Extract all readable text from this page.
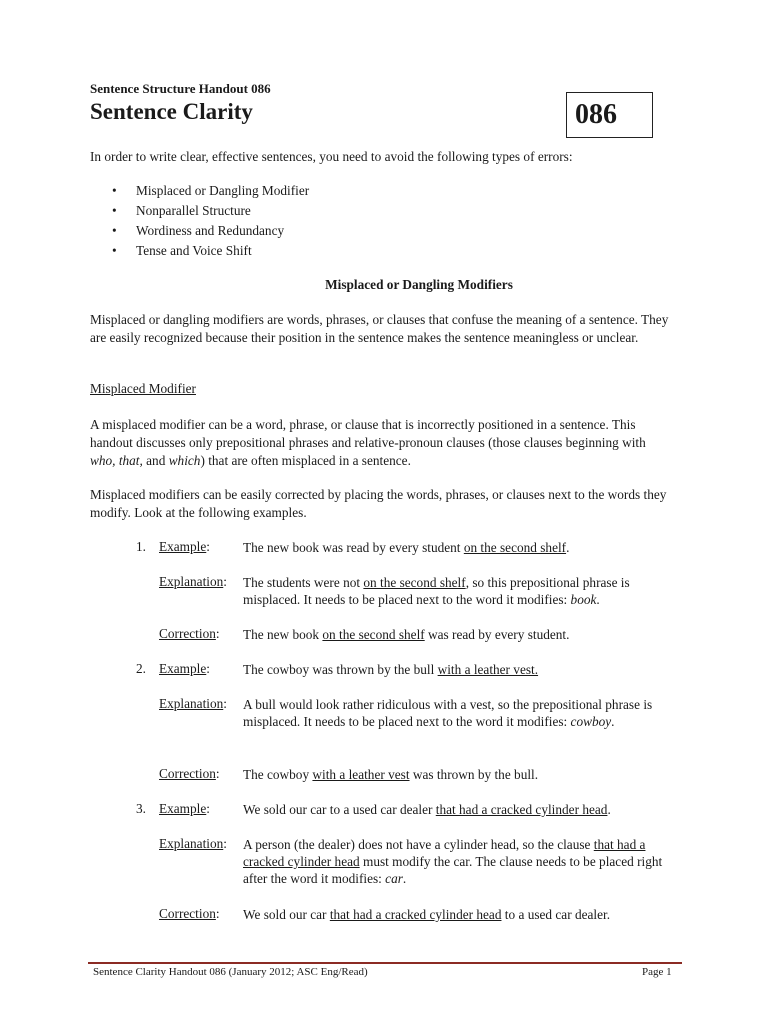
Sentence Structure Handout 086
Sentence Clarity	086
In order to write clear, effective sentences, you need to avoid the following types of errors:
• Misplaced or Dangling Modifier
• Nonparallel Structure
• Wordiness and Redundancy
• Tense and Voice Shift
Misplaced or Dangling Modifiers
Misplaced or dangling modifiers are words, phrases, or clauses that confuse the meaning of a sentence. They are easily recognized because their position in the sentence makes the sentence meaningless or unclear.
Misplaced Modifier
A misplaced modifier can be a word, phrase, or clause that is incorrectly positioned in a sentence. This handout discusses only prepositional phrases and relative-pronoun clauses (those clauses beginning with who, that, and which) that are often misplaced in a sentence.
Misplaced modifiers can be easily corrected by placing the words, phrases, or clauses next to the words they modify. Look at the following examples.
1. Example: The new book was read by every student on the second shelf.
Explanation: The students were not on the second shelf, so this prepositional phrase is misplaced. It needs to be placed next to the word it modifies: book.
Correction: The new book on the second shelf was read by every student.
2. Example: The cowboy was thrown by the bull with a leather vest.
Explanation: A bull would look rather ridiculous with a vest, so the prepositional phrase is misplaced. It needs to be placed next to the word it modifies: cowboy.
Correction: The cowboy with a leather vest was thrown by the bull.
3. Example: We sold our car to a used car dealer that had a cracked cylinder head.
Explanation: A person (the dealer) does not have a cylinder head, so the clause that had a cracked cylinder head must modify the car. The clause needs to be placed right after the word it modifies: car.
Correction: We sold our car that had a cracked cylinder head to a used car dealer.
Sentence Clarity Handout 086 (January 2012; ASC Eng/Read)	Page 1
